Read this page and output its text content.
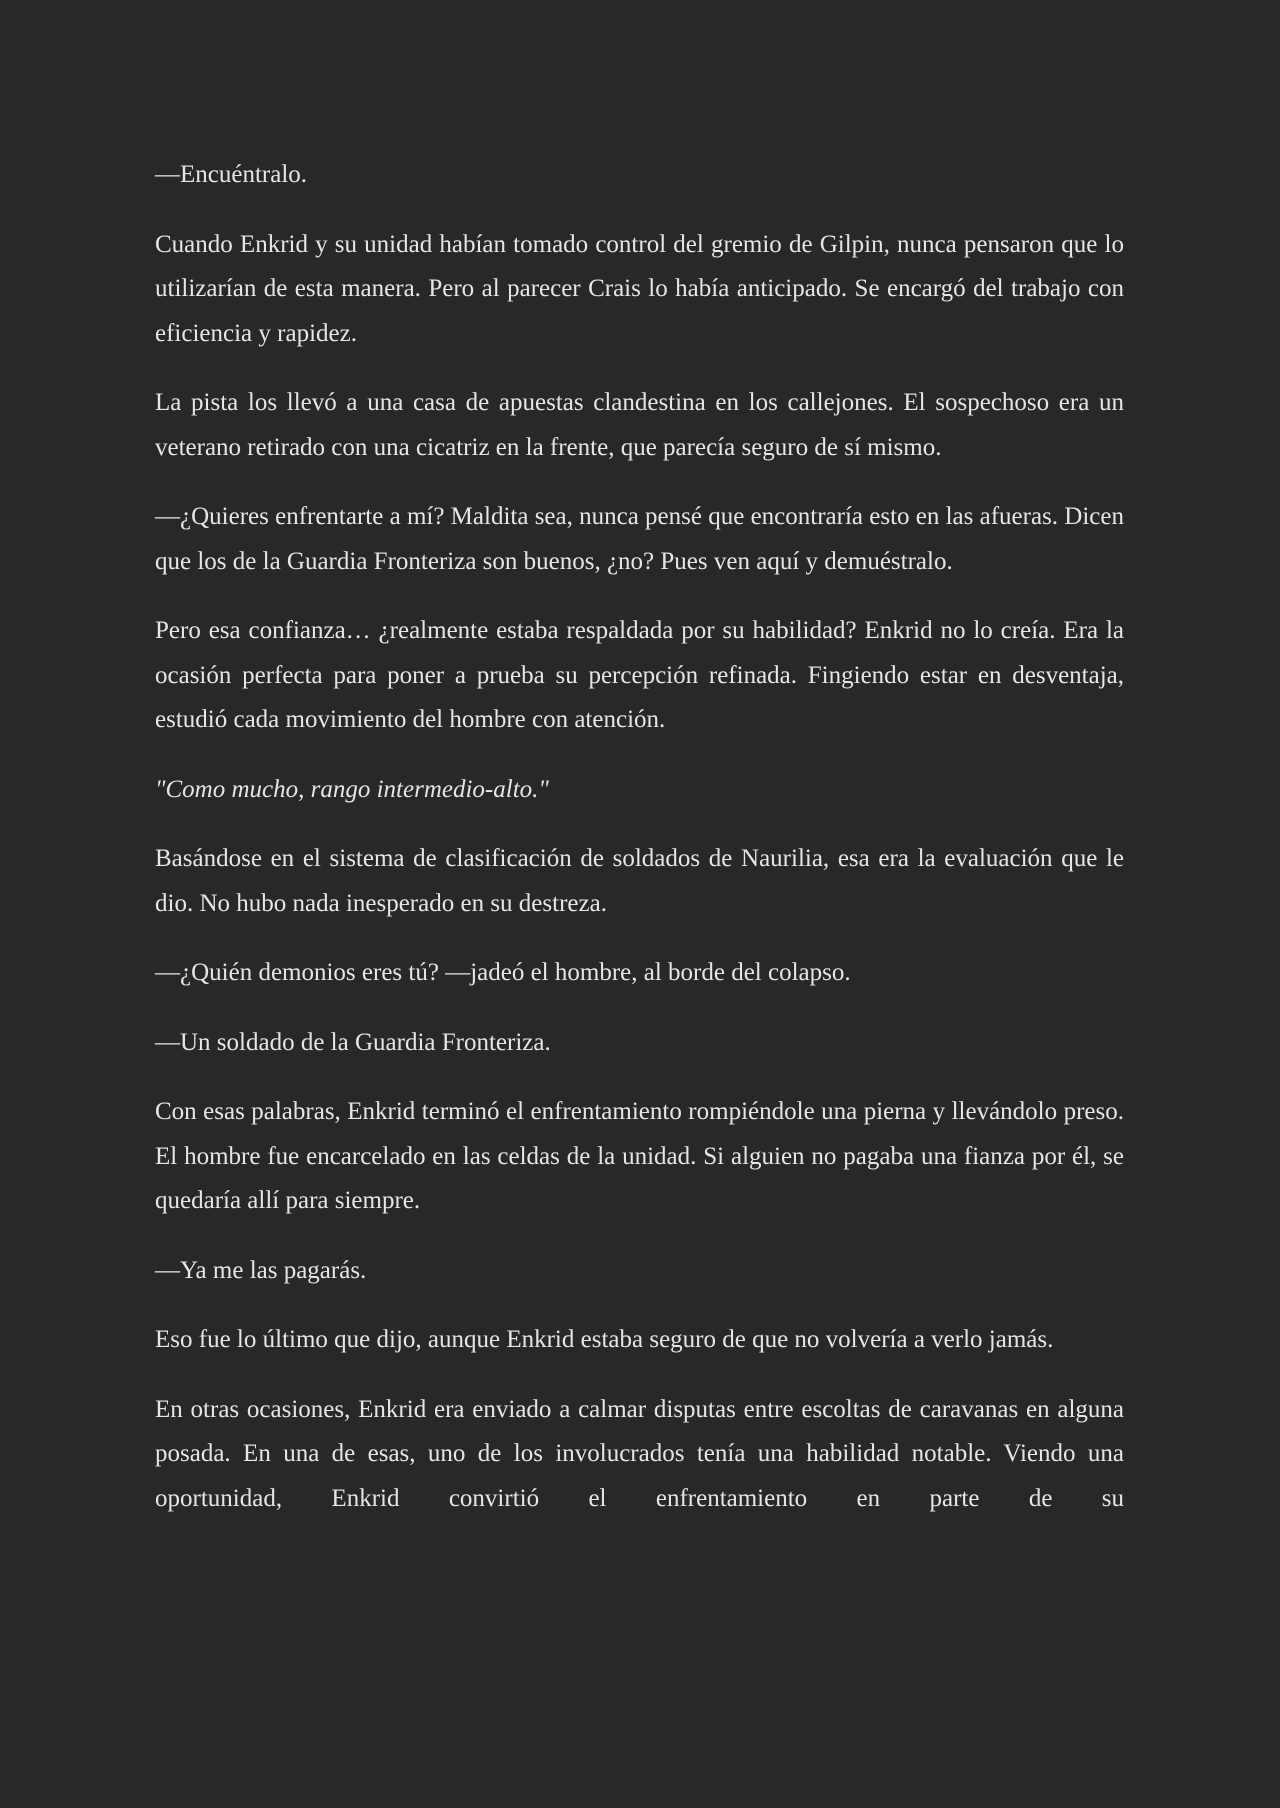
—Encuéntralo.

Cuando Enkrid y su unidad habían tomado control del gremio de Gilpin, nunca pensaron que lo utilizarían de esta manera. Pero al parecer Crais lo había anticipado. Se encargó del trabajo con eficiencia y rapidez.

La pista los llevó a una casa de apuestas clandestina en los callejones. El sospechoso era un veterano retirado con una cicatriz en la frente, que parecía seguro de sí mismo.

—¿Quieres enfrentarte a mí? Maldita sea, nunca pensé que encontraría esto en las afueras. Dicen que los de la Guardia Fronteriza son buenos, ¿no? Pues ven aquí y demuéstralo.

Pero esa confianza… ¿realmente estaba respaldada por su habilidad? Enkrid no lo creía. Era la ocasión perfecta para poner a prueba su percepción refinada. Fingiendo estar en desventaja, estudió cada movimiento del hombre con atención.

"Como mucho, rango intermedio-alto."

Basándose en el sistema de clasificación de soldados de Naurilia, esa era la evaluación que le dio. No hubo nada inesperado en su destreza.

—¿Quién demonios eres tú? —jadeó el hombre, al borde del colapso.

—Un soldado de la Guardia Fronteriza.

Con esas palabras, Enkrid terminó el enfrentamiento rompiéndole una pierna y llevándolo preso. El hombre fue encarcelado en las celdas de la unidad. Si alguien no pagaba una fianza por él, se quedaría allí para siempre.

—Ya me las pagarás.

Eso fue lo último que dijo, aunque Enkrid estaba seguro de que no volvería a verlo jamás.

En otras ocasiones, Enkrid era enviado a calmar disputas entre escoltas de caravanas en alguna posada. En una de esas, uno de los involucrados tenía una habilidad notable. Viendo una oportunidad, Enkrid convirtió el enfrentamiento en parte de su
